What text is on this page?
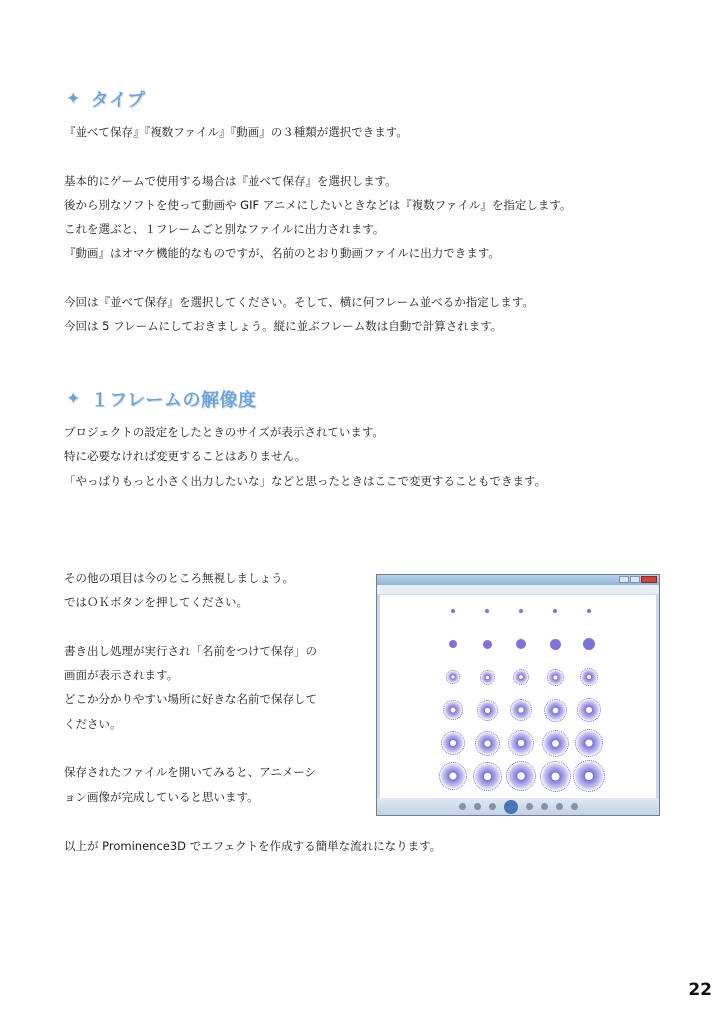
✦ タイプ
『並べて保存』『複数ファイル』『動画』の３種類が選択できます。

基本的にゲームで使用する場合は『並べて保存』を選択します。
後から別なソフトを使って動画や GIF アニメにしたいときなどは『複数ファイル』を指定します。
これを選ぶと、１フレームごと別なファイルに出力されます。
『動画』はオマケ機能的なものですが、名前のとおり動画ファイルに出力できます。

今回は『並べて保存』を選択してください。そして、横に何フレーム並べるか指定します。
今回は 5 フレームにしておきましょう。縦に並ぶフレーム数は自動で計算されます。
✦ １フレームの解像度
プロジェクトの設定をしたときのサイズが表示されています。
特に必要なければ変更することはありません。
「やっぱりもっと小さく出力したいな」などと思ったときはここで変更することもできます。
その他の項目は今のところ無視しましょう。
ではＯＫボタンを押してください。

書き出し処理が実行され「名前をつけて保存」の
画面が表示されます。
どこか分かりやすい場所に好きな名前で保存して
ください。

保存されたファイルを開いてみると、アニメーシ
ョン画像が完成していると思います。
以上が Prominence3D でエフェクトを作成する簡単な流れになります。
22
